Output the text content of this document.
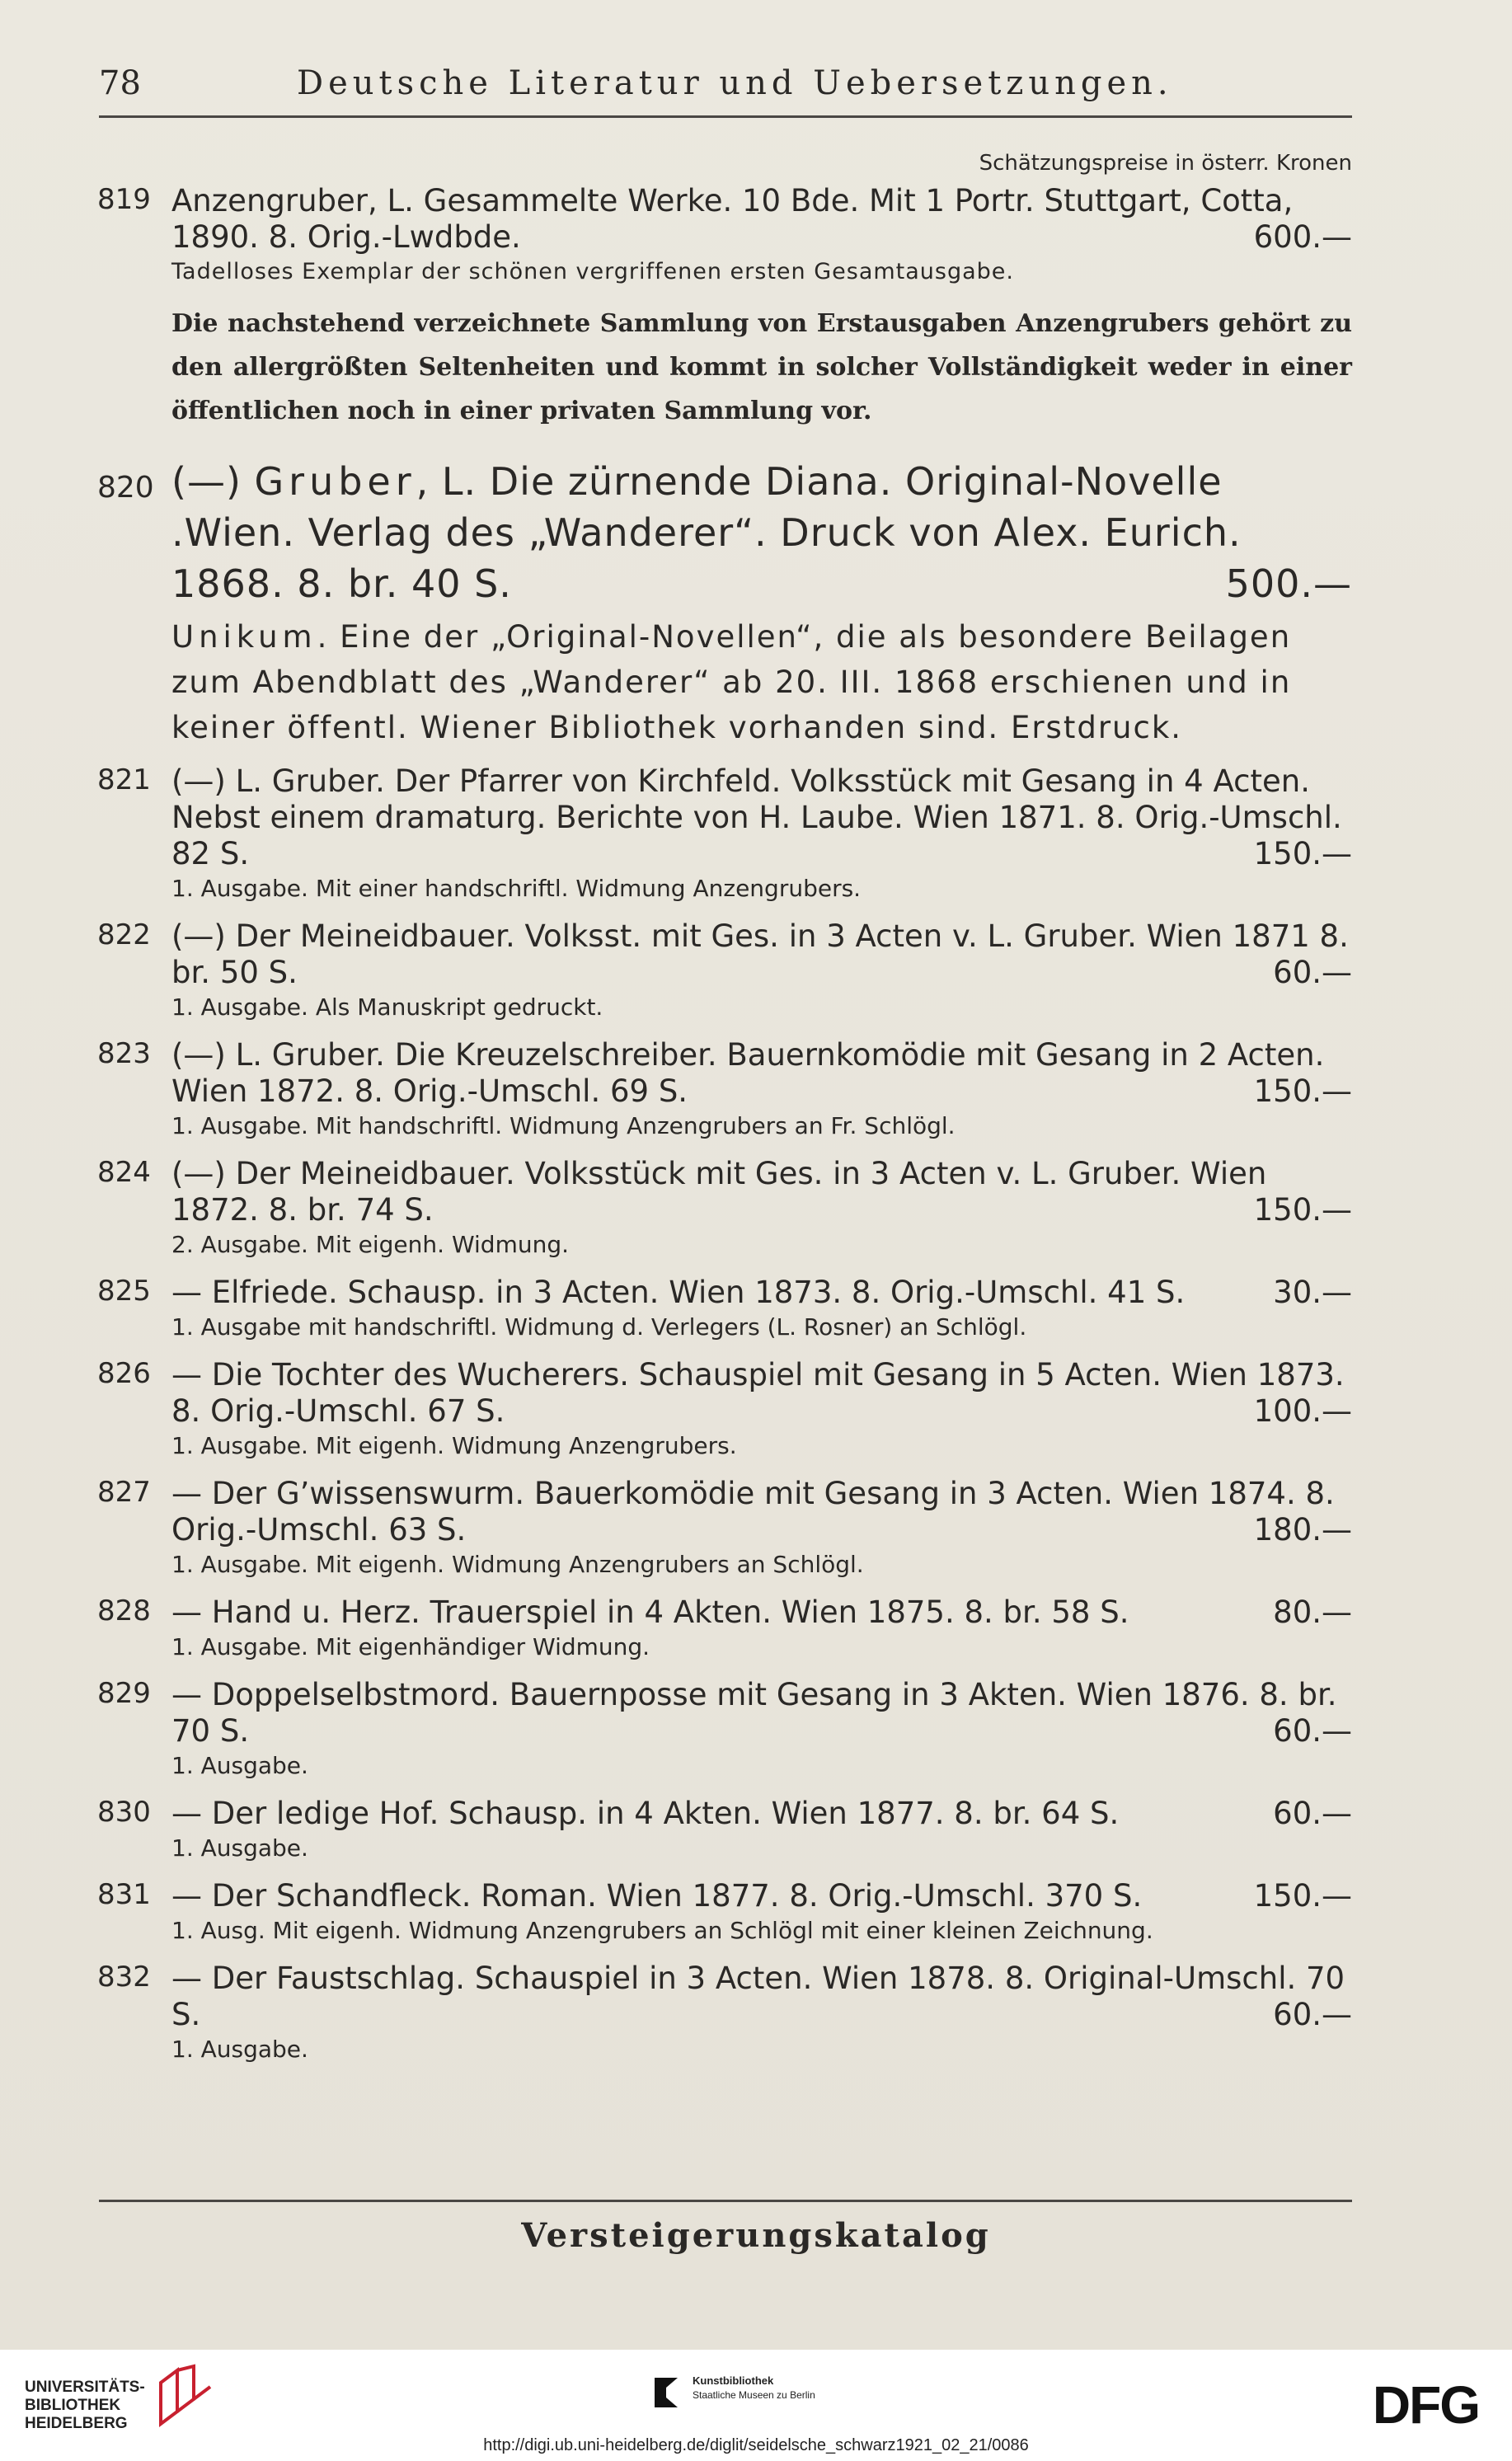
78	Deutsche Literatur und Uebersetzungen.
Schätzungspreise in österr. Kronen
819 Anzengruber, L. Gesammelte Werke. 10 Bde. Mit 1 Portr. Stuttgart, Cotta, 1890. 8. Orig.-Lwdbde.	600.—
Tadelloses Exemplar der schönen vergriffenen ersten Gesamtausgabe.
Die nachstehend verzeichnete Sammlung von Erstausgaben Anzengrubers gehört zu den allergrößten Seltenheiten und kommt in solcher Vollständigkeit weder in einer öffentlichen noch in einer privaten Sammlung vor.
820 (—) Gruber, L. Die zürnende Diana. Original-Novelle .Wien. Verlag des „Wanderer“. Druck von Alex. Eurich. 1868. 8. br. 40 S.	500.—
Unikum. Eine der „Original-Novellen“, die als besondere Beilagen zum Abendblatt des „Wanderer“ ab 20. III. 1868 erschienen und in keiner öffentl. Wiener Bibliothek vorhanden sind. Erstdruck.
821 (—) L. Gruber. Der Pfarrer von Kirchfeld. Volksstück mit Gesang in 4 Acten. Nebst einem dramaturg. Berichte von H. Laube. Wien 1871. 8. Orig.-Umschl. 82 S.	150.—
1. Ausgabe. Mit einer handschriftl. Widmung Anzengrubers.
822 (—) Der Meineidbauer. Volksst. mit Ges. in 3 Acten v. L. Gruber. Wien 1871 8. br. 50 S.	60.—
1. Ausgabe. Als Manuskript gedruckt.
823 (—) L. Gruber. Die Kreuzelschreiber. Bauernkomödie mit Gesang in 2 Acten. Wien 1872. 8. Orig.-Umschl. 69 S.	150.—
1. Ausgabe. Mit handschriftl. Widmung Anzengrubers an Fr. Schlögl.
824 (—) Der Meineidbauer. Volksstück mit Ges. in 3 Acten v. L. Gruber. Wien 1872. 8. br. 74 S.	150.—
2. Ausgabe. Mit eigenh. Widmung.
825 — Elfriede. Schausp. in 3 Acten. Wien 1873. 8. Orig.-Umschl. 41 S.	30.—
1. Ausgabe mit handschriftl. Widmung d. Verlegers (L. Rosner) an Schlögl.
826 — Die Tochter des Wucherers. Schauspiel mit Gesang in 5 Acten. Wien 1873. 8. Orig.-Umschl. 67 S.	100.—
1. Ausgabe. Mit eigenh. Widmung Anzengrubers.
827 — Der G’wissenswurm. Bauerkomödie mit Gesang in 3 Acten. Wien 1874. 8. Orig.-Umschl. 63 S.	180.—
1. Ausgabe. Mit eigenh. Widmung Anzengrubers an Schlögl.
828 — Hand u. Herz. Trauerspiel in 4 Akten. Wien 1875. 8. br. 58 S.	80.—
1. Ausgabe. Mit eigenhändiger Widmung.
829 — Doppelselbstmord. Bauernposse mit Gesang in 3 Akten. Wien 1876. 8. br. 70 S.	60.—
1. Ausgabe.
830 — Der ledige Hof. Schausp. in 4 Akten. Wien 1877. 8. br. 64 S.	60.—
1. Ausgabe.
831 — Der Schandfleck. Roman. Wien 1877. 8. Orig.-Umschl. 370 S.	150.—
1. Ausg. Mit eigenh. Widmung Anzengrubers an Schlögl mit einer kleinen Zeichnung.
832 — Der Faustschlag. Schauspiel in 3 Acten. Wien 1878. 8. Original-Umschl. 70 S.	60.—
1. Ausgabe.
Versteigerungskatalog
UNIVERSITÄTS-
BIBLIOTHEK
HEIDELBERG
Kunstbibliothek
Staatliche Museen zu Berlin	DFG
http://digi.ub.uni-heidelberg.de/diglit/seidelsche_schwarz1921_02_21/0086
